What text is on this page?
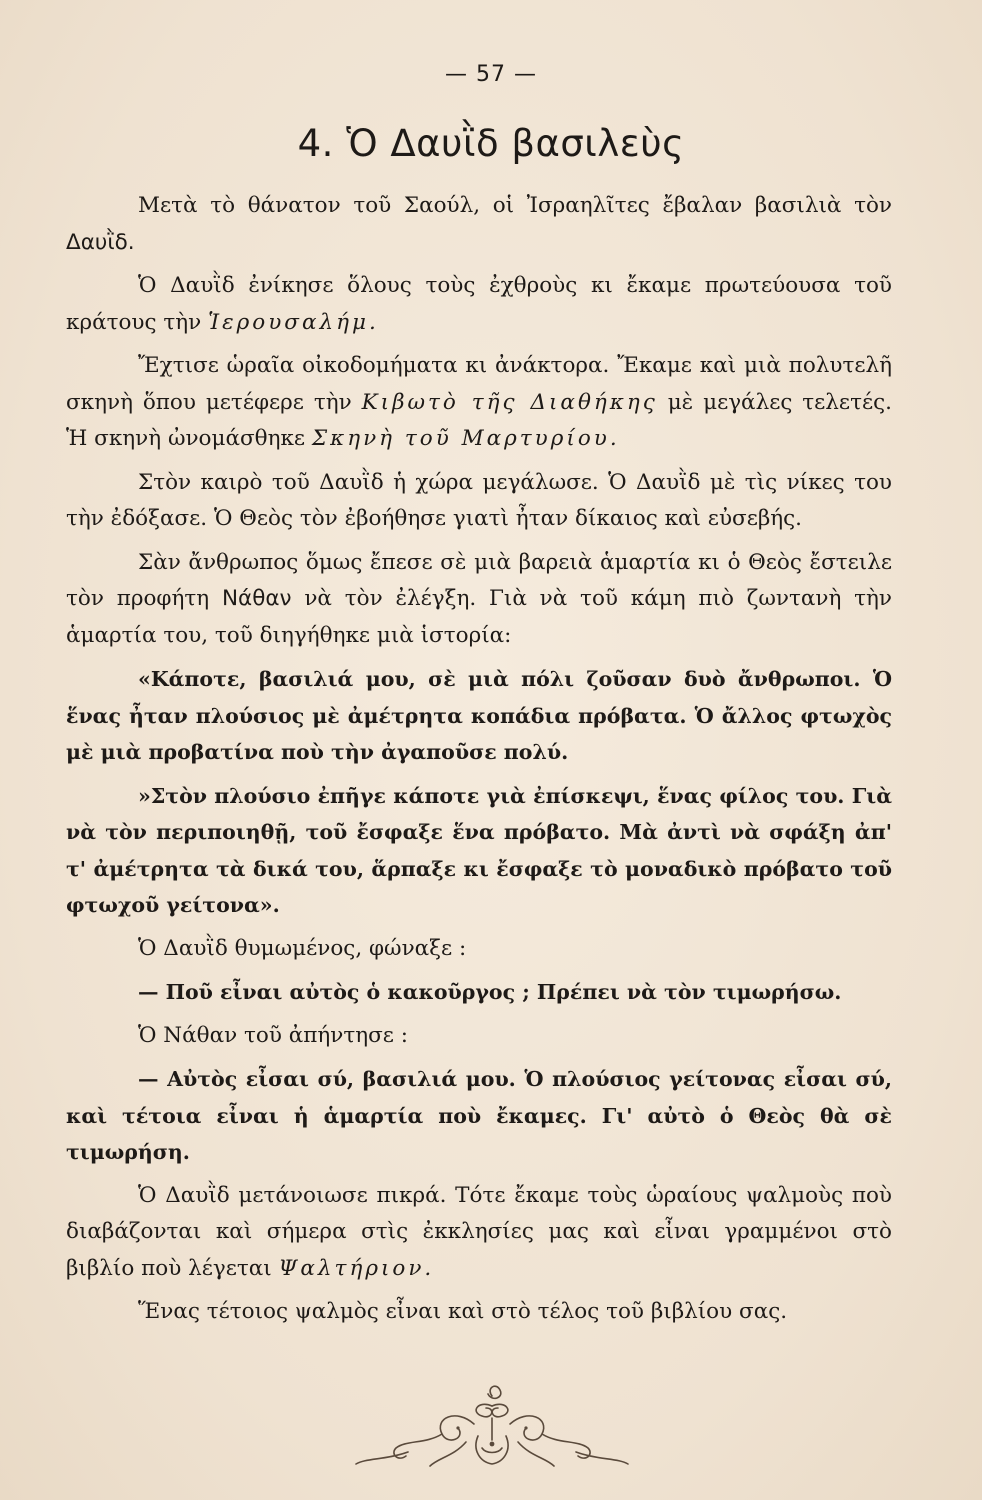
— 57 —
4. Ὁ Δαυῒδ βασιλεὺς

Μετὰ τὸ θάνατον τοῦ Σαούλ, οἱ Ἰσραηλῖτες ἔβαλαν βασιλιὰ τὸν Δαυῒδ.

Ὁ Δαυῒδ ἐνίκησε ὅλους τοὺς ἐχθροὺς κι ἔκαμε πρωτεύουσα τοῦ κράτους τὴν Ἱερουσαλήμ.

Ἔχτισε ὡραῖα οἰκοδομήματα κι ἀνάκτορα. Ἔκαμε καὶ μιὰ πολυτελῆ σκηνὴ ὅπου μετέφερε τὴν Κιβωτὸ τῆς Διαθήκης μὲ μεγάλες τελετές. Ἡ σκηνὴ ὠνομάσθηκε Σκηνὴ τοῦ Μαρτυρίου.

Στὸν καιρὸ τοῦ Δαυῒδ ἡ χώρα μεγάλωσε. Ὁ Δαυῒδ μὲ τὶς νίκες του τὴν ἐδόξασε. Ὁ Θεὸς τὸν ἐβοήθησε γιατὶ ἦταν δίκαιος καὶ εὐσεβής.

Σὰν ἄνθρωπος ὅμως ἔπεσε σὲ μιὰ βαρειὰ ἁμαρτία κι ὁ Θεὸς ἔστειλε τὸν προφήτη Νάθαν νὰ τὸν ἐλέγξη. Γιὰ νὰ τοῦ κάμη πιὸ ζωντανὴ τὴν ἁμαρτία του, τοῦ διηγήθηκε μιὰ ἱστορία:

«Κάποτε, βασιλιά μου, σὲ μιὰ πόλι ζοῦσαν δυὸ ἄνθρωποι. Ὁ ἕνας ἦταν πλούσιος μὲ ἀμέτρητα κοπάδια πρόβατα. Ὁ ἄλλος φτωχὸς μὲ μιὰ προβατίνα ποὺ τὴν ἀγαποῦσε πολύ.

»Στὸν πλούσιο ἐπῆγε κάποτε γιὰ ἐπίσκεψι, ἕνας φίλος του. Γιὰ νὰ τὸν περιποιηθῇ, τοῦ ἔσφαξε ἕνα πρόβατο. Μὰ ἀντὶ νὰ σφάξη ἀπ' τ' ἀμέτρητα τὰ δικά του, ἅρπαξε κι ἔσφαξε τὸ μοναδικὸ πρόβατο τοῦ φτωχοῦ γείτονα».

Ὁ Δαυῒδ θυμωμένος, φώναξε :

— Ποῦ εἶναι αὐτὸς ὁ κακοῦργος ; Πρέπει νὰ τὸν τιμωρήσω.

Ὁ Νάθαν τοῦ ἀπήντησε :

— Αὐτὸς εἶσαι σύ, βασιλιά μου. Ὁ πλούσιος γείτονας εἶσαι σύ, καὶ τέτοια εἶναι ἡ ἁμαρτία ποὺ ἔκαμες. Γι' αὐτὸ ὁ Θεὸς θὰ σὲ τιμωρήση.

Ὁ Δαυῒδ μετάνοιωσε πικρά. Τότε ἔκαμε τοὺς ὡραίους ψαλμοὺς ποὺ διαβάζονται καὶ σήμερα στὶς ἐκκλησίες μας καὶ εἶναι γραμμένοι στὸ βιβλίο ποὺ λέγεται Ψαλτήριον.

Ἕνας τέτοιος ψαλμὸς εἶναι καὶ στὸ τέλος τοῦ βιβλίου σας.
